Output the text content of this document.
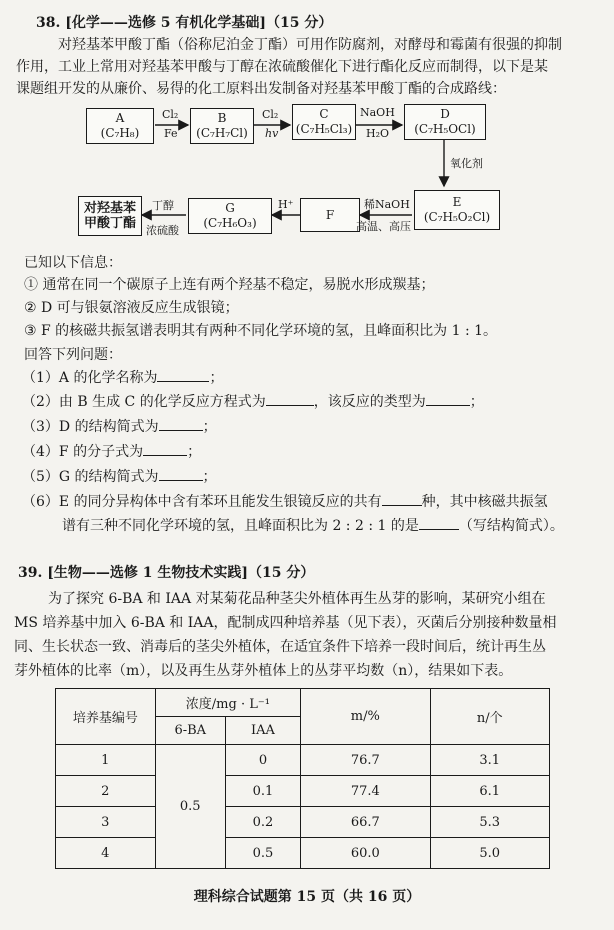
38. [化学——选修 5 有机化学基础]（15 分）
对羟基苯甲酸丁酯（俗称尼泊金丁酯）可用作防腐剂，对酵母和霉菌有很强的抑制
作用，工业上常用对羟基苯甲酸与丁醇在浓硫酸催化下进行酯化反应而制得，以下是某
课题组开发的从廉价、易得的化工原料出发制备对羟基苯甲酸丁酯的合成路线：
A
(C₇H₈)
B
(C₇H₇Cl)
C
(C₇H₅Cl₃)
D
(C₇H₅OCl)
E
(C₇H₅O₂Cl)
F
G
(C₇H₆O₃)
对羟基苯
甲酸丁酯
Cl₂
Fe
Cl₂
hv
NaOH
H₂O
氧化剂
稀NaOH
高温、高压
H⁺
丁醇
浓硫酸
已知以下信息：
① 通常在同一个碳原子上连有两个羟基不稳定，易脱水形成羰基；
② D 可与银氨溶液反应生成银镜；
③ F 的核磁共振氢谱表明其有两种不同化学环境的氢，且峰面积比为 1 : 1。
回答下列问题：
（1）A 的化学名称为	；
（2）由 B 生成 C 的化学反应方程式为	，该反应的类型为	；
（3）D 的结构简式为	；
（4）F 的分子式为	；
（5）G 的结构简式为	；
（6）E 的同分异构体中含有苯环且能发生银镜反应的共有	种，其中核磁共振氢
谱有三种不同化学环境的氢，且峰面积比为 2 : 2 : 1 的是	（写结构简式）。
39. [生物——选修 1 生物技术实践]（15 分）
为了探究 6-BA 和 IAA 对某菊花品种茎尖外植体再生丛芽的影响，某研究小组在
MS 培养基中加入 6-BA 和 IAA，配制成四种培养基（见下表），灭菌后分别接种数量相
同、生长状态一致、消毒后的茎尖外植体，在适宜条件下培养一段时间后，统计再生丛
芽外植体的比率（m），以及再生丛芽外植体上的丛芽平均数（n），结果如下表。
培养基编号	浓度/mg · L⁻¹		m/%	n/个
	6-BA	IAA		
1	0.5	0	76.7	3.1
2		0.1	77.4	6.1
3		0.2	66.7	5.3
4		0.5	60.0	5.0
理科综合试题第 15 页（共 16 页）
